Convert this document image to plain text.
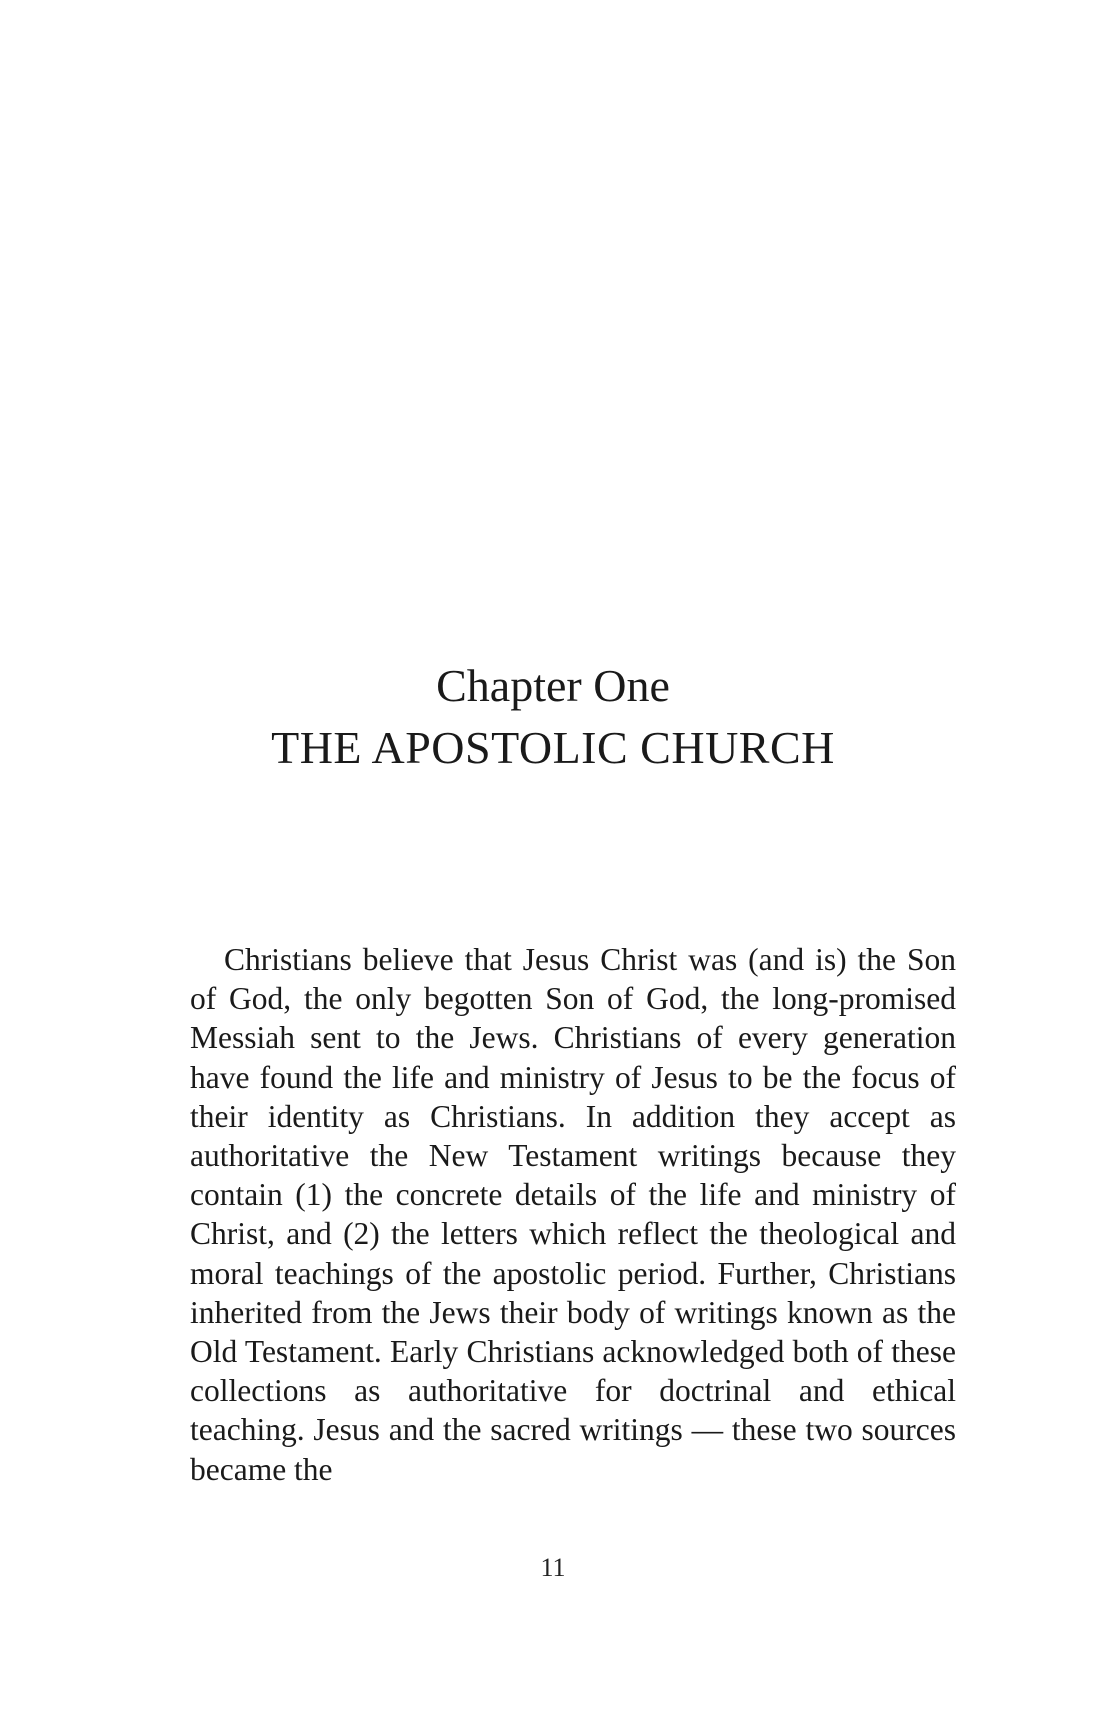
Chapter One
THE APOSTOLIC CHURCH

Christians believe that Jesus Christ was (and is) the Son of God, the only begotten Son of God, the long-promised Messiah sent to the Jews. Christians of every generation have found the life and ministry of Jesus to be the focus of their identity as Christians. In addition they accept as authoritative the New Testament writings because they contain (1) the concrete details of the life and ministry of Christ, and (2) the letters which reflect the theological and moral teachings of the apostolic period. Further, Christians inherited from the Jews their body of writings known as the Old Testament. Early Christians acknowledged both of these collections as authoritative for doctrinal and ethical teaching. Jesus and the sacred writings — these two sources became the

11
